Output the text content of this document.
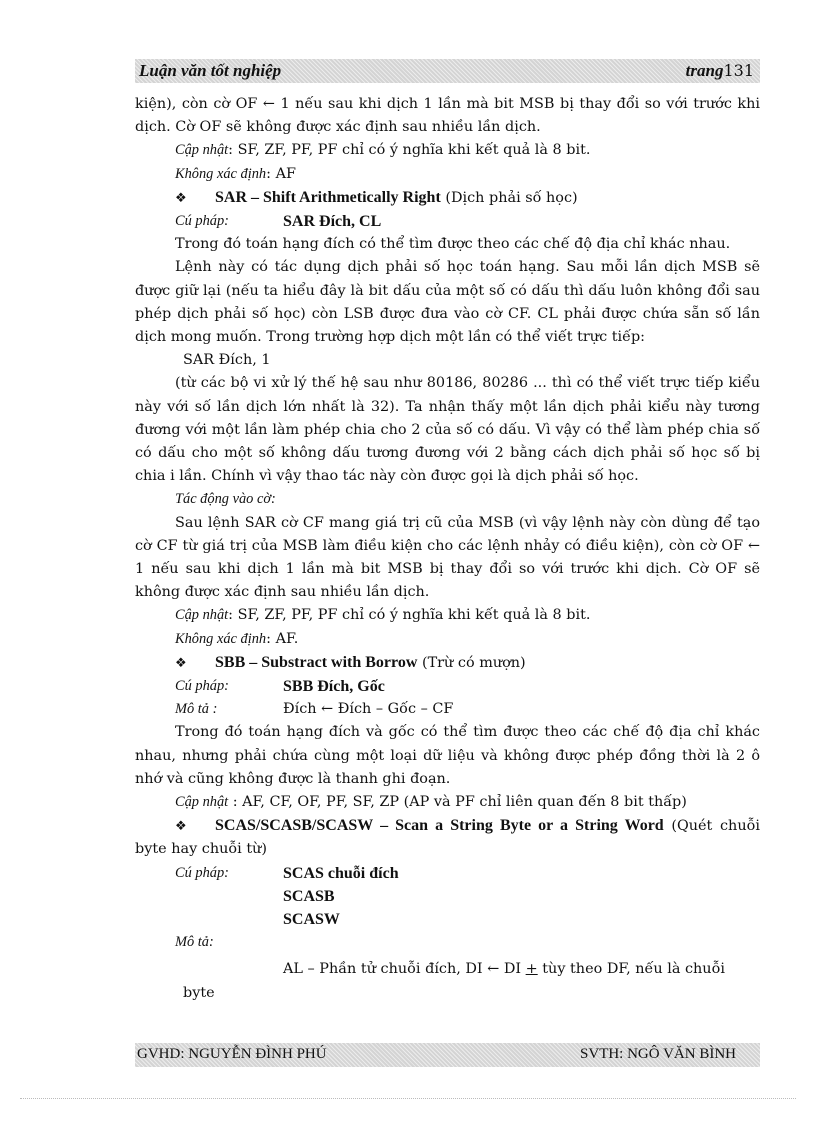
Luận văn tốt nghiệp	trang131

kiện), còn cờ OF ← 1 nếu sau khi dịch 1 lần mà bit MSB bị thay đổi so với trước khi dịch. Cờ OF sẽ không được xác định sau nhiều lần dịch.

Cập nhật: SF, ZF, PF, PF chỉ có ý nghĩa khi kết quả là 8 bit.

Không xác định: AF

❖ SAR – Shift Arithmetically Right (Dịch phải số học)

Cú pháp:	SAR Đích, CL

Trong đó toán hạng đích có thể tìm được theo các chế độ địa chỉ khác nhau.

Lệnh này có tác dụng dịch phải số học toán hạng. Sau mỗi lần dịch MSB sẽ được giữ lại (nếu ta hiểu đây là bit dấu của một số có dấu thì dấu luôn không đổi sau phép dịch phải số học) còn LSB được đưa vào cờ CF. CL phải được chứa sẵn số lần dịch mong muốn. Trong trường hợp dịch một lần có thể viết trực tiếp:

SAR Đích, 1

(từ các bộ vi xử lý thế hệ sau như 80186, 80286 ... thì có thể viết trực tiếp kiểu này với số lần dịch lớn nhất là 32). Ta nhận thấy một lần dịch phải kiểu này tương đương với một lần làm phép chia cho 2 của số có dấu. Vì vậy có thể làm phép chia số có dấu cho một số không dấu tương đương với 2 bằng cách dịch phải số học số bị chia i lần. Chính vì vậy thao tác này còn được gọi là dịch phải số học.

Tác động vào cờ:

Sau lệnh SAR cờ CF mang giá trị cũ của MSB (vì vậy lệnh này còn dùng để tạo cờ CF từ giá trị của MSB làm điều kiện cho các lệnh nhảy có điều kiện), còn cờ OF ← 1 nếu sau khi dịch 1 lần mà bit MSB bị thay đổi so với trước khi dịch. Cờ OF sẽ không được xác định sau nhiều lần dịch.

Cập nhật: SF, ZF, PF, PF chỉ có ý nghĩa khi kết quả là 8 bit.

Không xác định: AF.

❖ SBB – Substract with Borrow (Trừ có mượn)

Cú pháp:	SBB Đích, Gốc
Mô tả :	Đích ← Đích – Gốc – CF

Trong đó toán hạng đích và gốc có thể tìm được theo các chế độ địa chỉ khác nhau, nhưng phải chứa cùng một loại dữ liệu và không được phép đồng thời là 2 ô nhớ và cũng không được là thanh ghi đoạn.

Cập nhật : AF, CF, OF, PF, SF, ZP (AP và PF chỉ liên quan đến 8 bit thấp)

❖ SCAS/SCASB/SCASW – Scan a String Byte or a String Word (Quét chuỗi byte hay chuỗi từ)

Cú pháp:	SCAS chuỗi đích
SCASB
SCASW
Mô tả:

AL – Phần tử chuỗi đích, DI ← DI + tùy theo DF, nếu là chuỗi

byte

GVHD: NGUYỄN ĐÌNH PHÚ	SVTH: NGÔ VĂN BÌNH
